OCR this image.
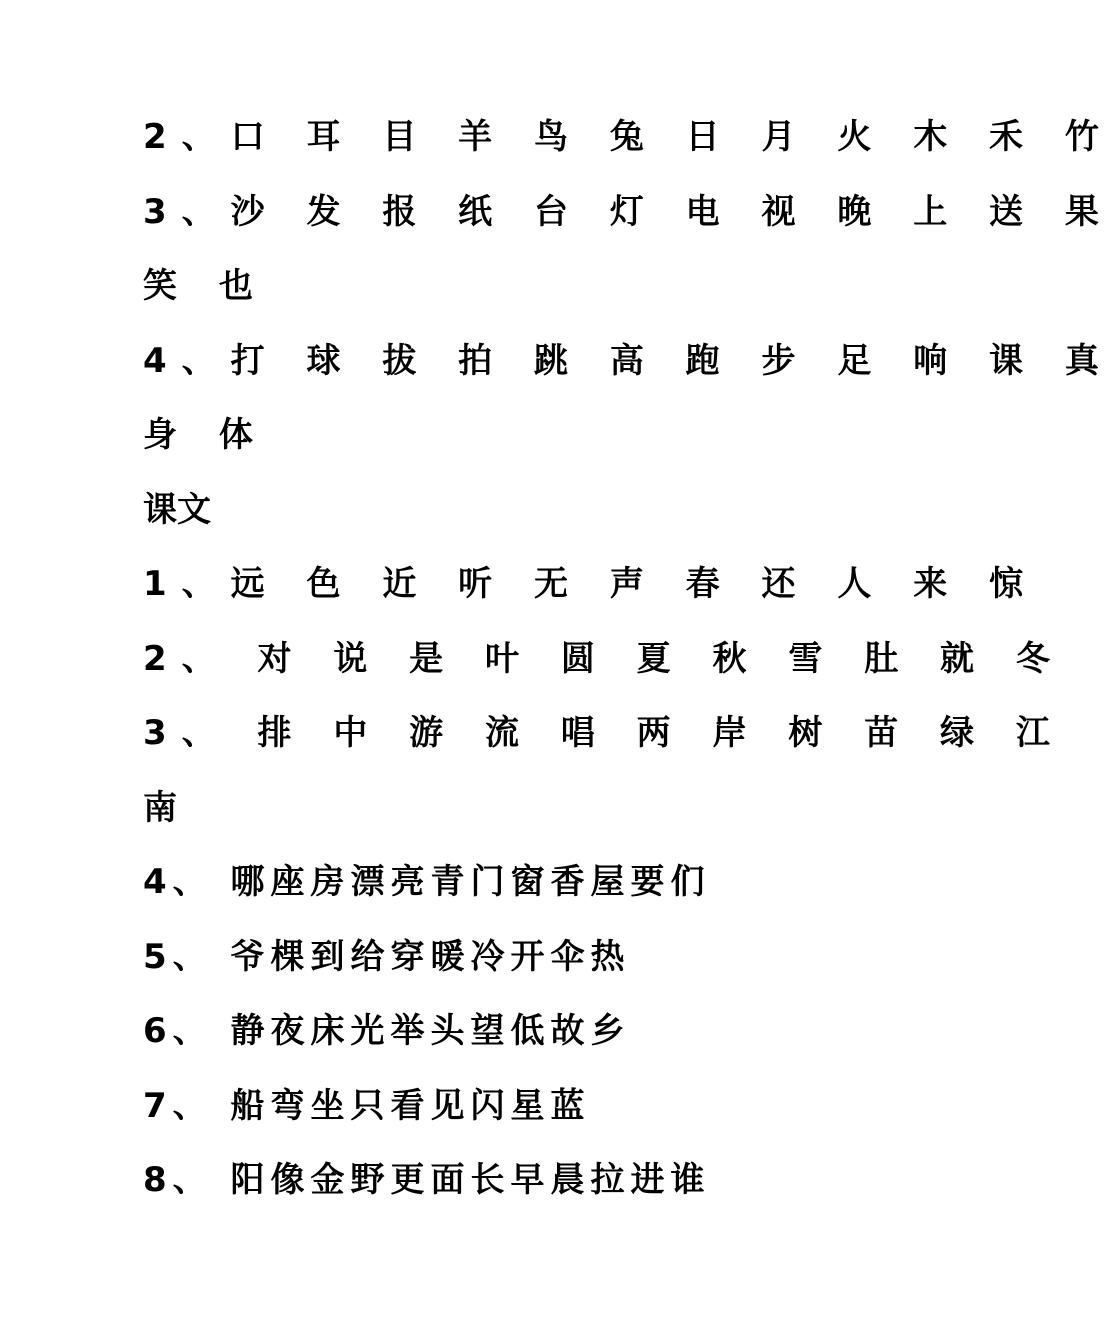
2、口 耳 目 羊 鸟 兔 日 月 火 木 禾 竹
3、沙 发 报 纸 台 灯 电 视 晚 上 送 果
笑 也
4、打 球 拔 拍 跳 高 跑 步 足 响 课 真
身 体
课文
1、远 色 近 听 无 声 春 还 人 来 惊
2、 对 说 是 叶 圆 夏 秋 雪 肚 就 冬
3、 排 中 游 流 唱 两 岸 树 苗 绿 江
南
4、 哪座房漂亮青门窗香屋要们
5、 爷棵到给穿暖冷开伞热
6、 静夜床光举头望低故乡
7、 船弯坐只看见闪星蓝
8、 阳像金野更面长早晨拉进谁
